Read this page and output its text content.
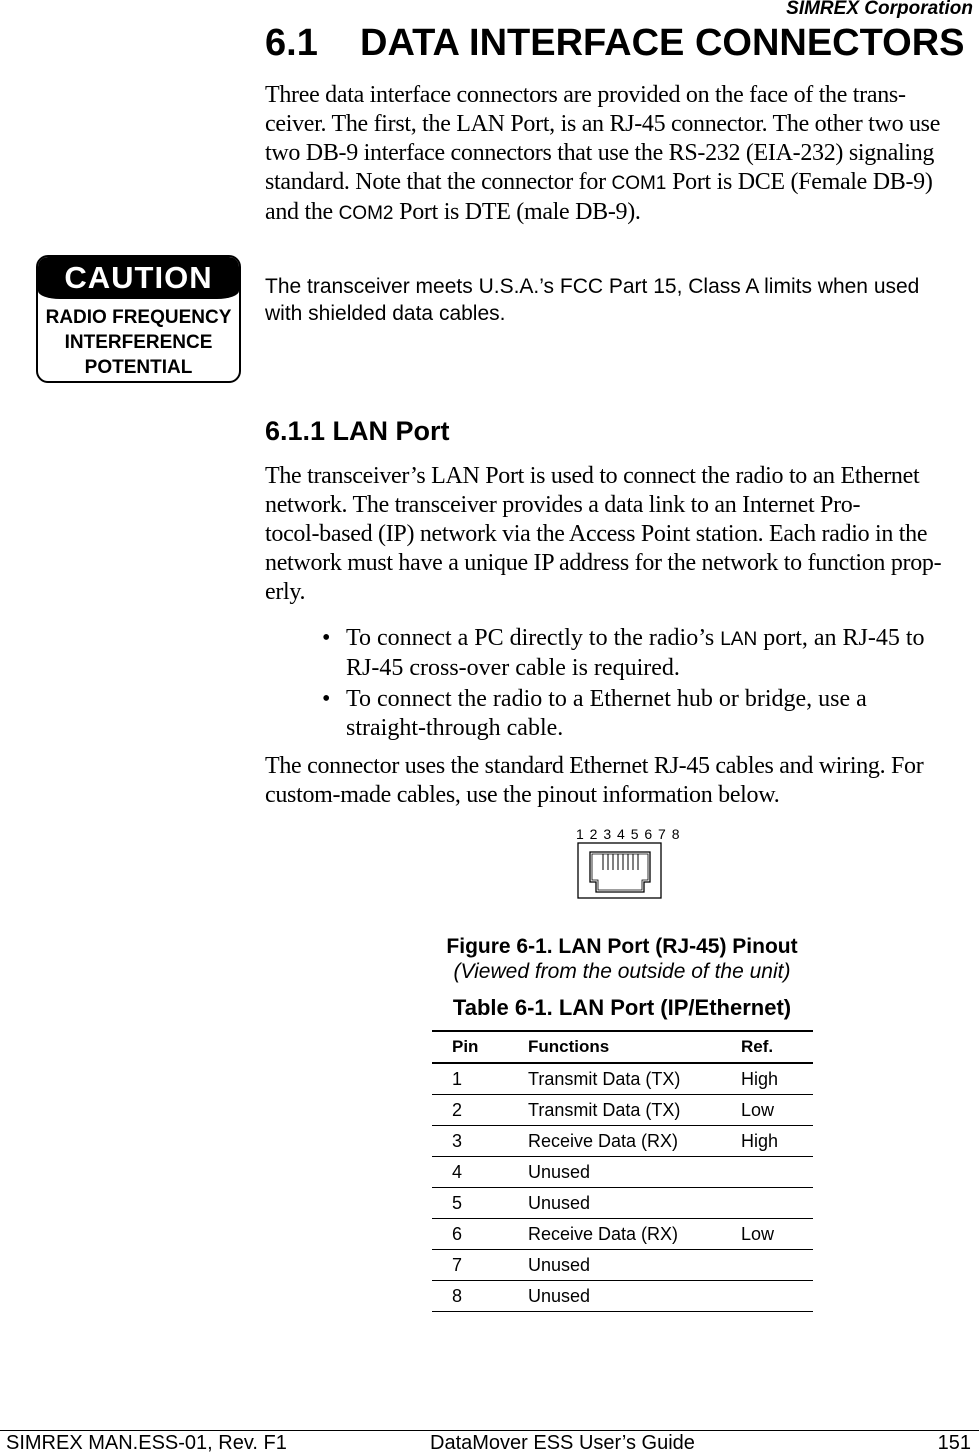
SIMREX Corporation
6.1 DATA INTERFACE CONNECTORS
Three data interface connectors are provided on the face of the trans-
ceiver. The first, the LAN Port, is an RJ-45 connector. The other two use
two DB-9 interface connectors that use the RS-232 (EIA-232) signaling
standard. Note that the connector for COM1 Port is DCE (Female DB-9)
and the COM2 Port is DTE (male DB-9).
CAUTION
RADIO FREQUENCY
INTERFERENCE
POTENTIAL
The transceiver meets U.S.A.’s FCC Part 15, Class A limits when used
with shielded data cables.
6.1.1 LAN Port
The transceiver’s LAN Port is used to connect the radio to an Ethernet
network. The transceiver provides a data link to an Internet Pro-
tocol-based (IP) network via the Access Point station. Each radio in the
network must have a unique IP address for the network to function prop-
erly.
• To connect a PC directly to the radio’s LAN port, an RJ-45 to
RJ-45 cross-over cable is required.
• To connect the radio to a Ethernet hub or bridge, use a
straight-through cable.
The connector uses the standard Ethernet RJ-45 cables and wiring. For
custom-made cables, use the pinout information below.
1 2 3 4 5 6 7 8
Figure 6-1. LAN Port (RJ-45) Pinout
(Viewed from the outside of the unit)
Table 6-1. LAN Port (IP/Ethernet)
Pin	Functions	Ref.
1	Transmit Data (TX)	High
2	Transmit Data (TX)	Low
3	Receive Data (RX)	High
4	Unused	
5	Unused	
6	Receive Data (RX)	Low
7	Unused	
8	Unused	
SIMREX MAN.ESS-01, Rev. F1	DataMover ESS User’s Guide	151
